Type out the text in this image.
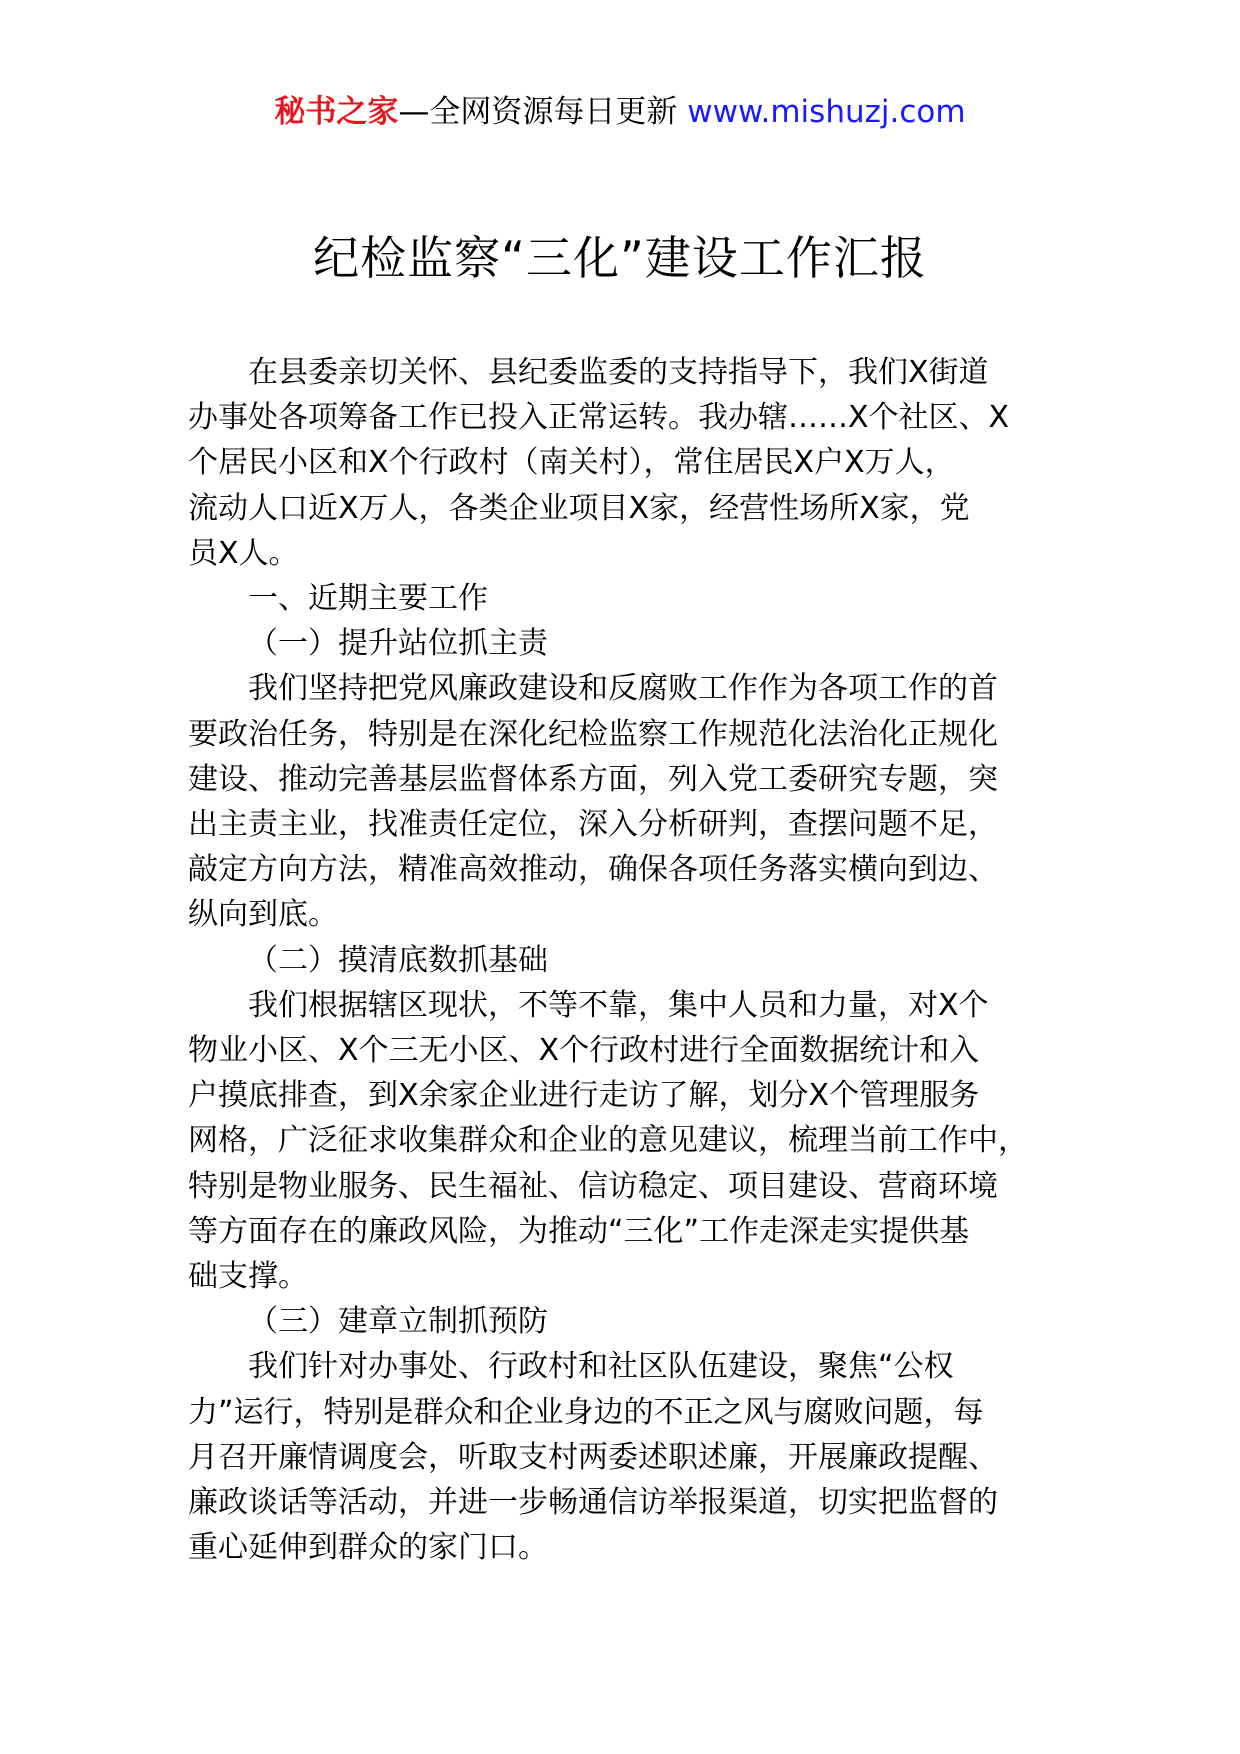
秘书之家—全网资源每日更新 www.mishuzj.com
纪检监察“三化”建设工作汇报

在县委亲切关怀、县纪委监委的支持指导下，我们X街道
办事处各项筹备工作已投入正常运转。我办辖……X个社区、X
个居民小区和X个行政村（南关村），常住居民X户X万人，
流动人口近X万人，各类企业项目X家，经营性场所X家，党
员X人。

一、近期主要工作

（一）提升站位抓主责

我们坚持把党风廉政建设和反腐败工作作为各项工作的首
要政治任务，特别是在深化纪检监察工作规范化法治化正规化
建设、推动完善基层监督体系方面，列入党工委研究专题，突
出主责主业，找准责任定位，深入分析研判，查摆问题不足，
敲定方向方法，精准高效推动，确保各项任务落实横向到边、
纵向到底。

（二）摸清底数抓基础

我们根据辖区现状，不等不靠，集中人员和力量，对X个
物业小区、X个三无小区、X个行政村进行全面数据统计和入
户摸底排查，到X余家企业进行走访了解，划分X个管理服务
网格，广泛征求收集群众和企业的意见建议，梳理当前工作中，
特别是物业服务、民生福祉、信访稳定、项目建设、营商环境
等方面存在的廉政风险，为推动“三化”工作走深走实提供基
础支撑。

（三）建章立制抓预防

我们针对办事处、行政村和社区队伍建设，聚焦“公权
力”运行，特别是群众和企业身边的不正之风与腐败问题，每
月召开廉情调度会，听取支村两委述职述廉，开展廉政提醒、
廉政谈话等活动，并进一步畅通信访举报渠道，切实把监督的
重心延伸到群众的家门口。
